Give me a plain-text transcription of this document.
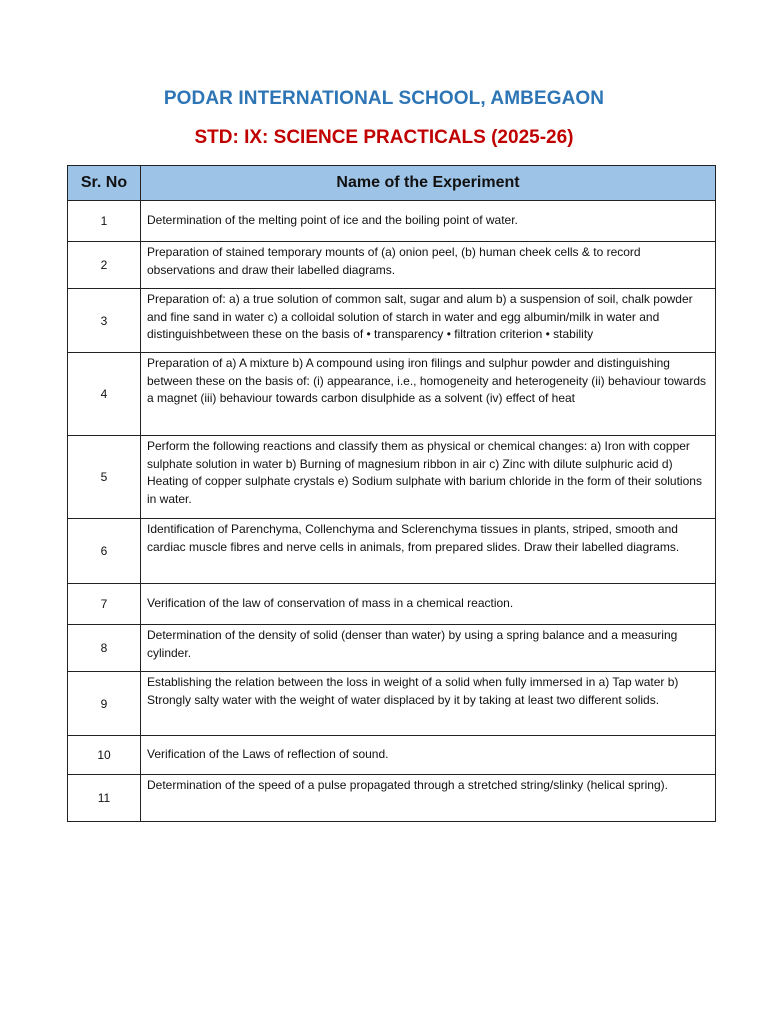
PODAR INTERNATIONAL SCHOOL, AMBEGAON
STD: IX: SCIENCE PRACTICALS (2025-26)
Sr. No	Name of the Experiment
1	Determination of the melting point of ice and the boiling point of water.
2	Preparation of stained temporary mounts of (a) onion peel, (b) human cheek cells & to record observations and draw their labelled diagrams.
3	Preparation of: a) a true solution of common salt, sugar and alum b) a suspension of soil, chalk powder and fine sand in water c) a colloidal solution of starch in water and egg albumin/milk in water and distinguishbetween these on the basis of • transparency • filtration criterion • stability
4	Preparation of a) A mixture b) A compound using iron filings and sulphur powder and distinguishing between these on the basis of: (i) appearance, i.e., homogeneity and heterogeneity (ii) behaviour towards a magnet (iii) behaviour towards carbon disulphide as a solvent (iv) effect of heat
5	Perform the following reactions and classify them as physical or chemical changes: a) Iron with copper sulphate solution in water b) Burning of magnesium ribbon in air c) Zinc with dilute sulphuric acid d) Heating of copper sulphate crystals e) Sodium sulphate with barium chloride in the form of their solutions in water.
6	Identification of Parenchyma, Collenchyma and Sclerenchyma tissues in plants, striped, smooth and cardiac muscle fibres and nerve cells in animals, from prepared slides. Draw their labelled diagrams.
7	Verification of the law of conservation of mass in a chemical reaction.
8	Determination of the density of solid (denser than water) by using a spring balance and a measuring cylinder.
9	Establishing the relation between the loss in weight of a solid when fully immersed in a) Tap water b) Strongly salty water with the weight of water displaced by it by taking at least two different solids.
10	Verification of the Laws of reflection of sound.
11	Determination of the speed of a pulse propagated through a stretched string/slinky (helical spring).
